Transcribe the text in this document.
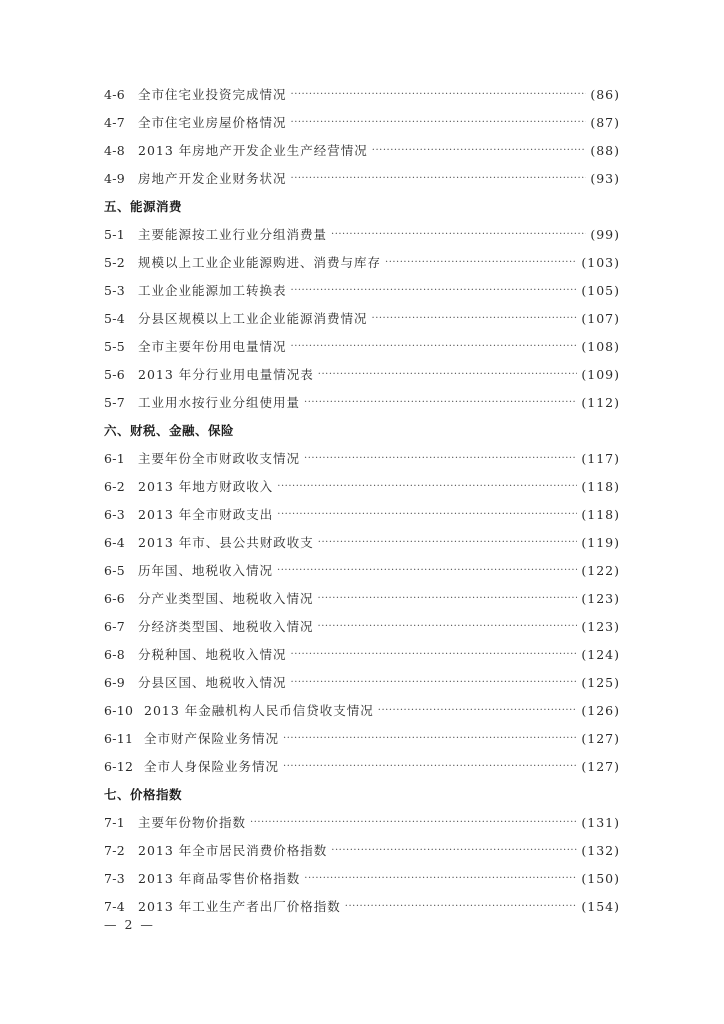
4-6	全市住宅业投资完成情况 ·····	(86)
4-7	全市住宅业房屋价格情况 ·····	(87)
4-8	2013 年房地产开发企业生产经营情况 ·····	(88)
4-9	房地产开发企业财务状况 ·····	(93)
五、能源消费
5-1	主要能源按工业行业分组消费量 ·····	(99)
5-2	规模以上工业企业能源购进、消费与库存 ·····	(103)
5-3	工业企业能源加工转换表 ·····	(105)
5-4	分县区规模以上工业企业能源消费情况 ·····	(107)
5-5	全市主要年份用电量情况 ·····	(108)
5-6	2013 年分行业用电量情况表 ·····	(109)
5-7	工业用水按行业分组使用量 ·····	(112)
六、财税、金融、保险
6-1	主要年份全市财政收支情况 ·····	(117)
6-2	2013 年地方财政收入 ·····	(118)
6-3	2013 年全市财政支出 ·····	(118)
6-4	2013 年市、县公共财政收支 ·····	(119)
6-5	历年国、地税收入情况 ·····	(122)
6-6	分产业类型国、地税收入情况 ·····	(123)
6-7	分经济类型国、地税收入情况 ·····	(123)
6-8	分税种国、地税收入情况 ·····	(124)
6-9	分县区国、地税收入情况 ·····	(125)
6-10 2013 年金融机构人民币信贷收支情况 ·····	(126)
6-11 全市财产保险业务情况 ·····	(127)
6-12 全市人身保险业务情况 ·····	(127)
七、价格指数
7-1	主要年份物价指数 ·····	(131)
7-2	2013 年全市居民消费价格指数 ·····	(132)
7-3	2013 年商品零售价格指数 ·····	(150)
7-4	2013 年工业生产者出厂价格指数 ·····	(154)
— 2 —
